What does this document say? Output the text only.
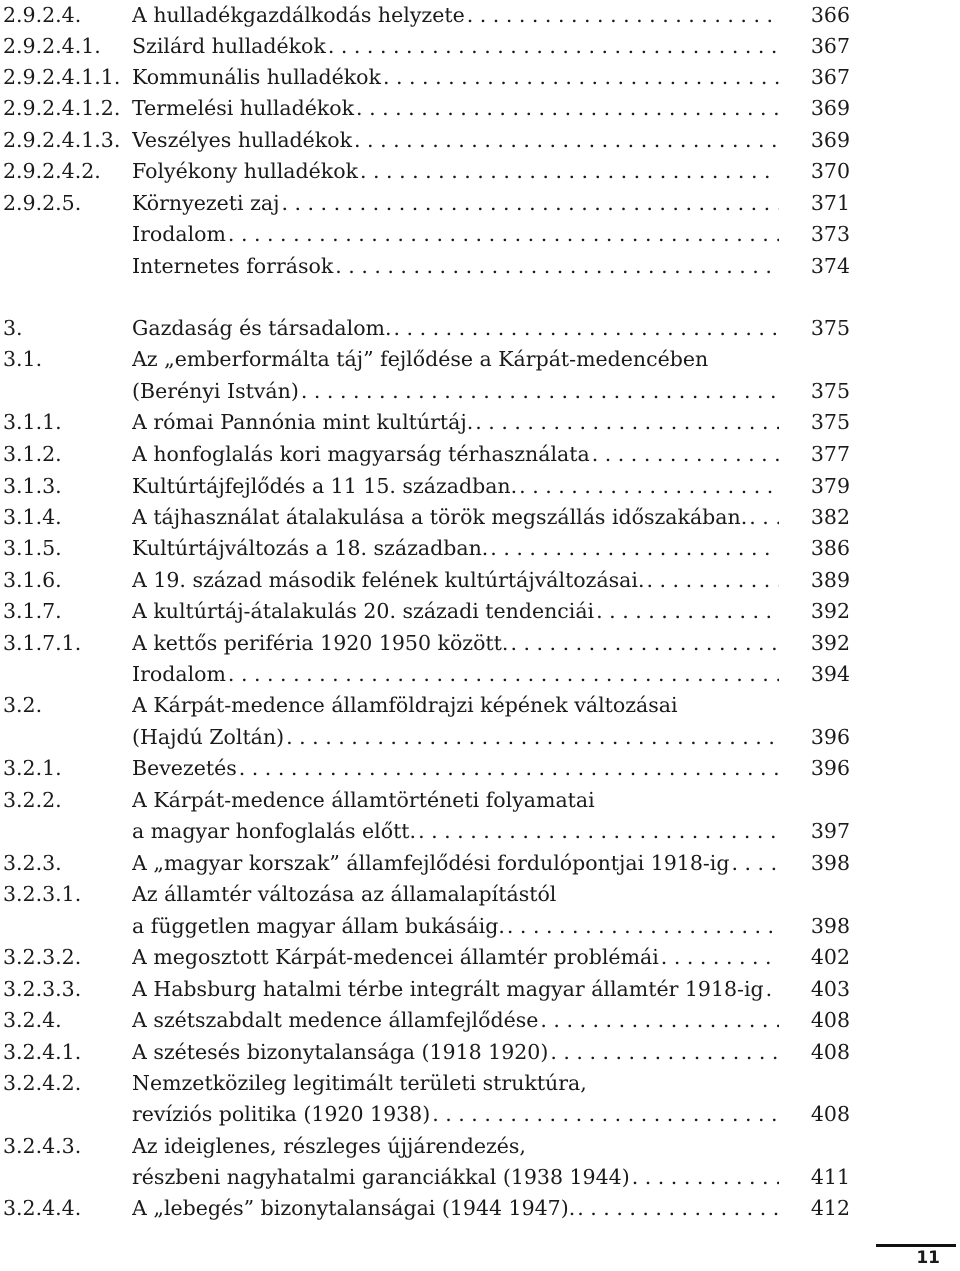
2.9.2.4. A hulladékgazdálkodás helyzete . . .	366
2.9.2.4.1. Szilárd hulladékok . . .	367
2.9.2.4.1.1. Kommunális hulladékok . . .	367
2.9.2.4.1.2. Termelési hulladékok . . .	369
2.9.2.4.1.3. Veszélyes hulladékok . . .	369
2.9.2.4.2. Folyékony hulladékok . . .	370
2.9.2.5. Környezeti zaj . . .	371
Irodalom . . .	373
Internetes források . . .	374
3.	Gazdaság és társadalom. . . .	375
3.1.	Az „emberformálta táj” fejlődése a Kárpát-medencében
(Berényi István) . . .	375
3.1.1.	A római Pannónia mint kultúrtáj. . . .	375
3.1.2.	A honfoglalás kori magyarság térhasználata . . .	377
3.1.3.	Kultúrtájfejlődés a 11 15. században. . . .	379
3.1.4.	A tájhasználat átalakulása a török megszállás időszakában. . . .	382
3.1.5.	Kultúrtájváltozás a 18. században. . . .	386
3.1.6.	A 19. század második felének kultúrtájváltozásai. . . .	389
3.1.7.	A kultúrtáj-átalakulás 20. századi tendenciái . . .	392
3.1.7.1. A kettős periféria 1920 1950 között. . . .	392
Irodalom . . .	394
3.2.	A Kárpát-medence államföldrajzi képének változásai
(Hajdú Zoltán) . . .	396
3.2.1.	Bevezetés . . .	396
3.2.2.	A Kárpát-medence államtörténeti folyamatai
a magyar honfoglalás előtt. . . .	397
3.2.3.	A „magyar korszak” államfejlődési fordulópontjai 1918-ig . . .	398
3.2.3.1. Az államtér változása az államalapítástól
a független magyar állam bukásáig. . . .	398
3.2.3.2. A megosztott Kárpát-medencei államtér problémái . . .	402
3.2.3.3. A Habsburg hatalmi térbe integrált magyar államtér 1918-ig . . . 403
3.2.4.	A szétszabdalt medence államfejlődése . . .	408
3.2.4.1. A szétesés bizonytalansága (1918 1920) . . .	408
3.2.4.2. Nemzetközileg legitimált területi struktúra,
revíziós politika (1920 1938) . . .	408
3.2.4.3. Az ideiglenes, részleges újjárendezés,
részbeni nagyhatalmi garanciákkal (1938 1944) . . .	411
3.2.4.4. A „lebegés” bizonytalanságai (1944 1947). . . .	412
11
